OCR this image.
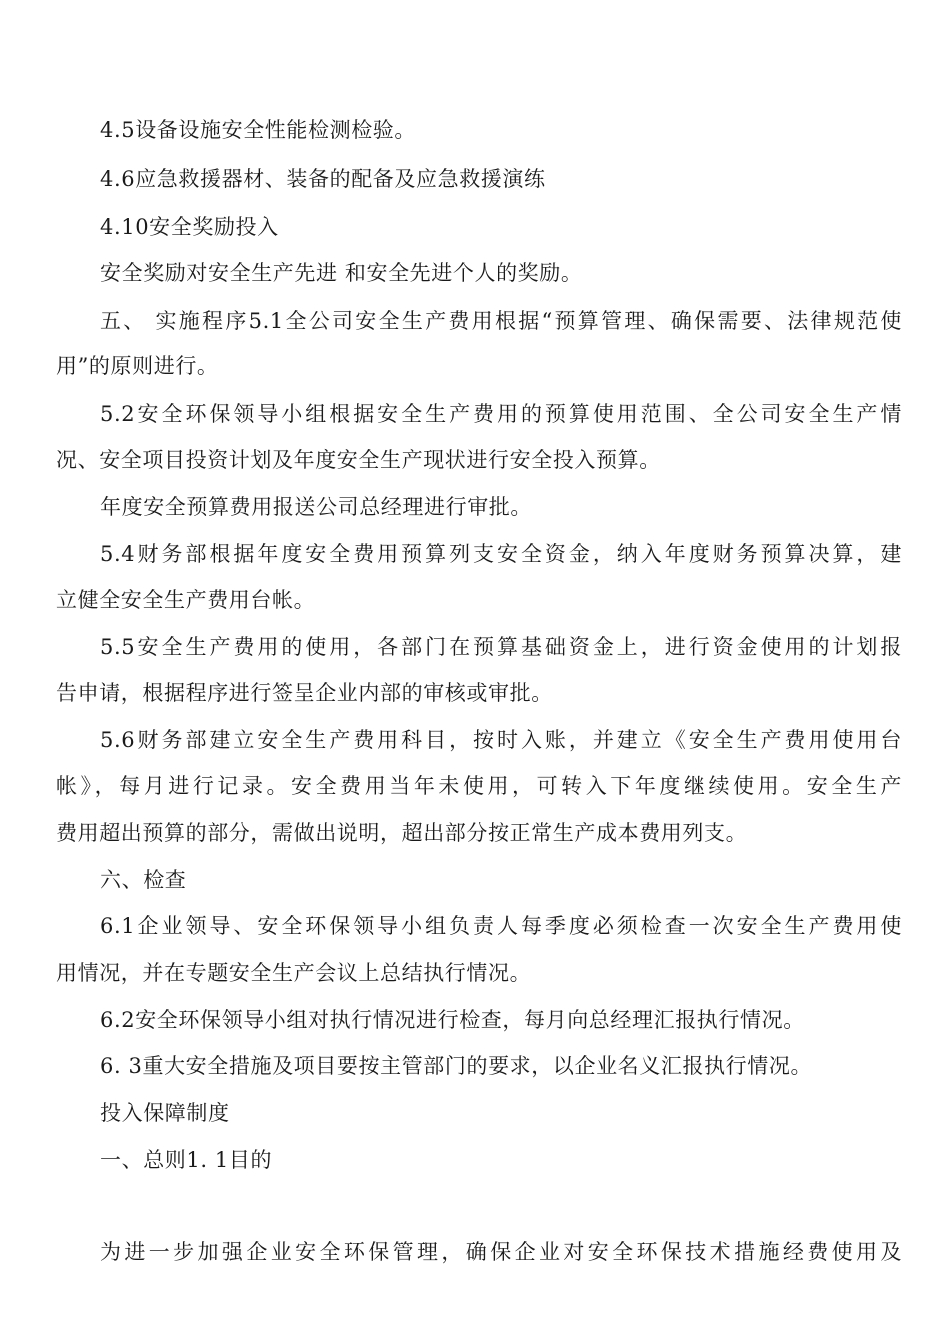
4.5设备设施安全性能检测检验。
4.6应急救援器材、装备的配备及应急救援演练
4.10安全奖励投入
安全奖励对安全生产先进 和安全先进个人的奖励。
五、 实施程序5.1全公司安全生产费用根据“预算管理、确保需要、法律规范使
用”的原则进行。
5.2安全环保领导小组根据安全生产费用的预算使用范围、全公司安全生产情
况、安全项目投资计划及年度安全生产现状进行安全投入预算。
年度安全预算费用报送公司总经理进行审批。
5.4财务部根据年度安全费用预算列支安全资金，纳入年度财务预算决算，建
立健全安全生产费用台帐。
5.5安全生产费用的使用，各部门在预算基础资金上，进行资金使用的计划报
告申请，根据程序进行签呈企业内部的审核或审批。
5.6财务部建立安全生产费用科目，按时入账，并建立《安全生产费用使用台
帐》，每月进行记录。安全费用当年未使用，可转入下年度继续使用。安全生产
费用超出预算的部分，需做出说明，超出部分按正常生产成本费用列支。
六、检查
6.1企业领导、安全环保领导小组负责人每季度必须检查一次安全生产费用使
用情况，并在专题安全生产会议上总结执行情况。
6.2安全环保领导小组对执行情况进行检查，每月向总经理汇报执行情况。
6. 3重大安全措施及项目要按主管部门的要求，以企业名义汇报执行情况。
投入保障制度
一、总则1. 1目的
为进一步加强企业安全环保管理，确保企业对安全环保技术措施经费使用及
